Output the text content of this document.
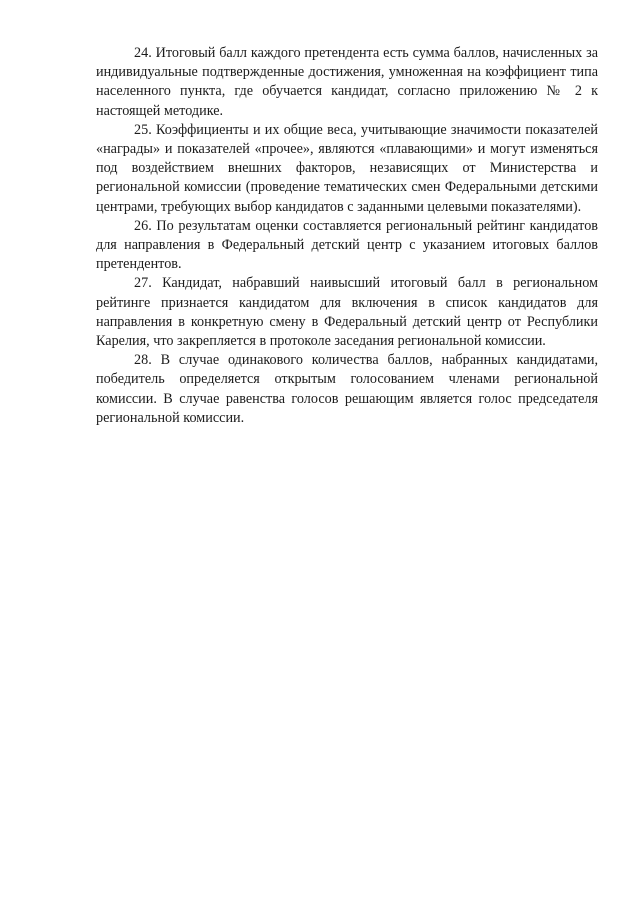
24. Итоговый балл каждого претендента есть сумма баллов, начисленных за индивидуальные подтвержденные достижения, умноженная на коэффициент типа населенного пункта, где обучается кандидат, согласно приложению № 2 к настоящей методике.

25. Коэффициенты и их общие веса, учитывающие значимости показателей «награды» и показателей «прочее», являются «плавающими» и могут изменяться под воздействием внешних факторов, независящих от Министерства и региональной комиссии (проведение тематических смен Федеральными детскими центрами, требующих выбор кандидатов с заданными целевыми показателями).

26. По результатам оценки составляется региональный рейтинг кандидатов для направления в Федеральный детский центр с указанием итоговых баллов претендентов.

27. Кандидат, набравший наивысший итоговый балл в региональном рейтинге признается кандидатом для включения в список кандидатов для направления в конкретную смену в Федеральный детский центр от Республики Карелия, что закрепляется в протоколе заседания региональной комиссии.

28. В случае одинакового количества баллов, набранных кандидатами, победитель определяется открытым голосованием членами региональной комиссии. В случае равенства голосов решающим является голос председателя региональной комиссии.
